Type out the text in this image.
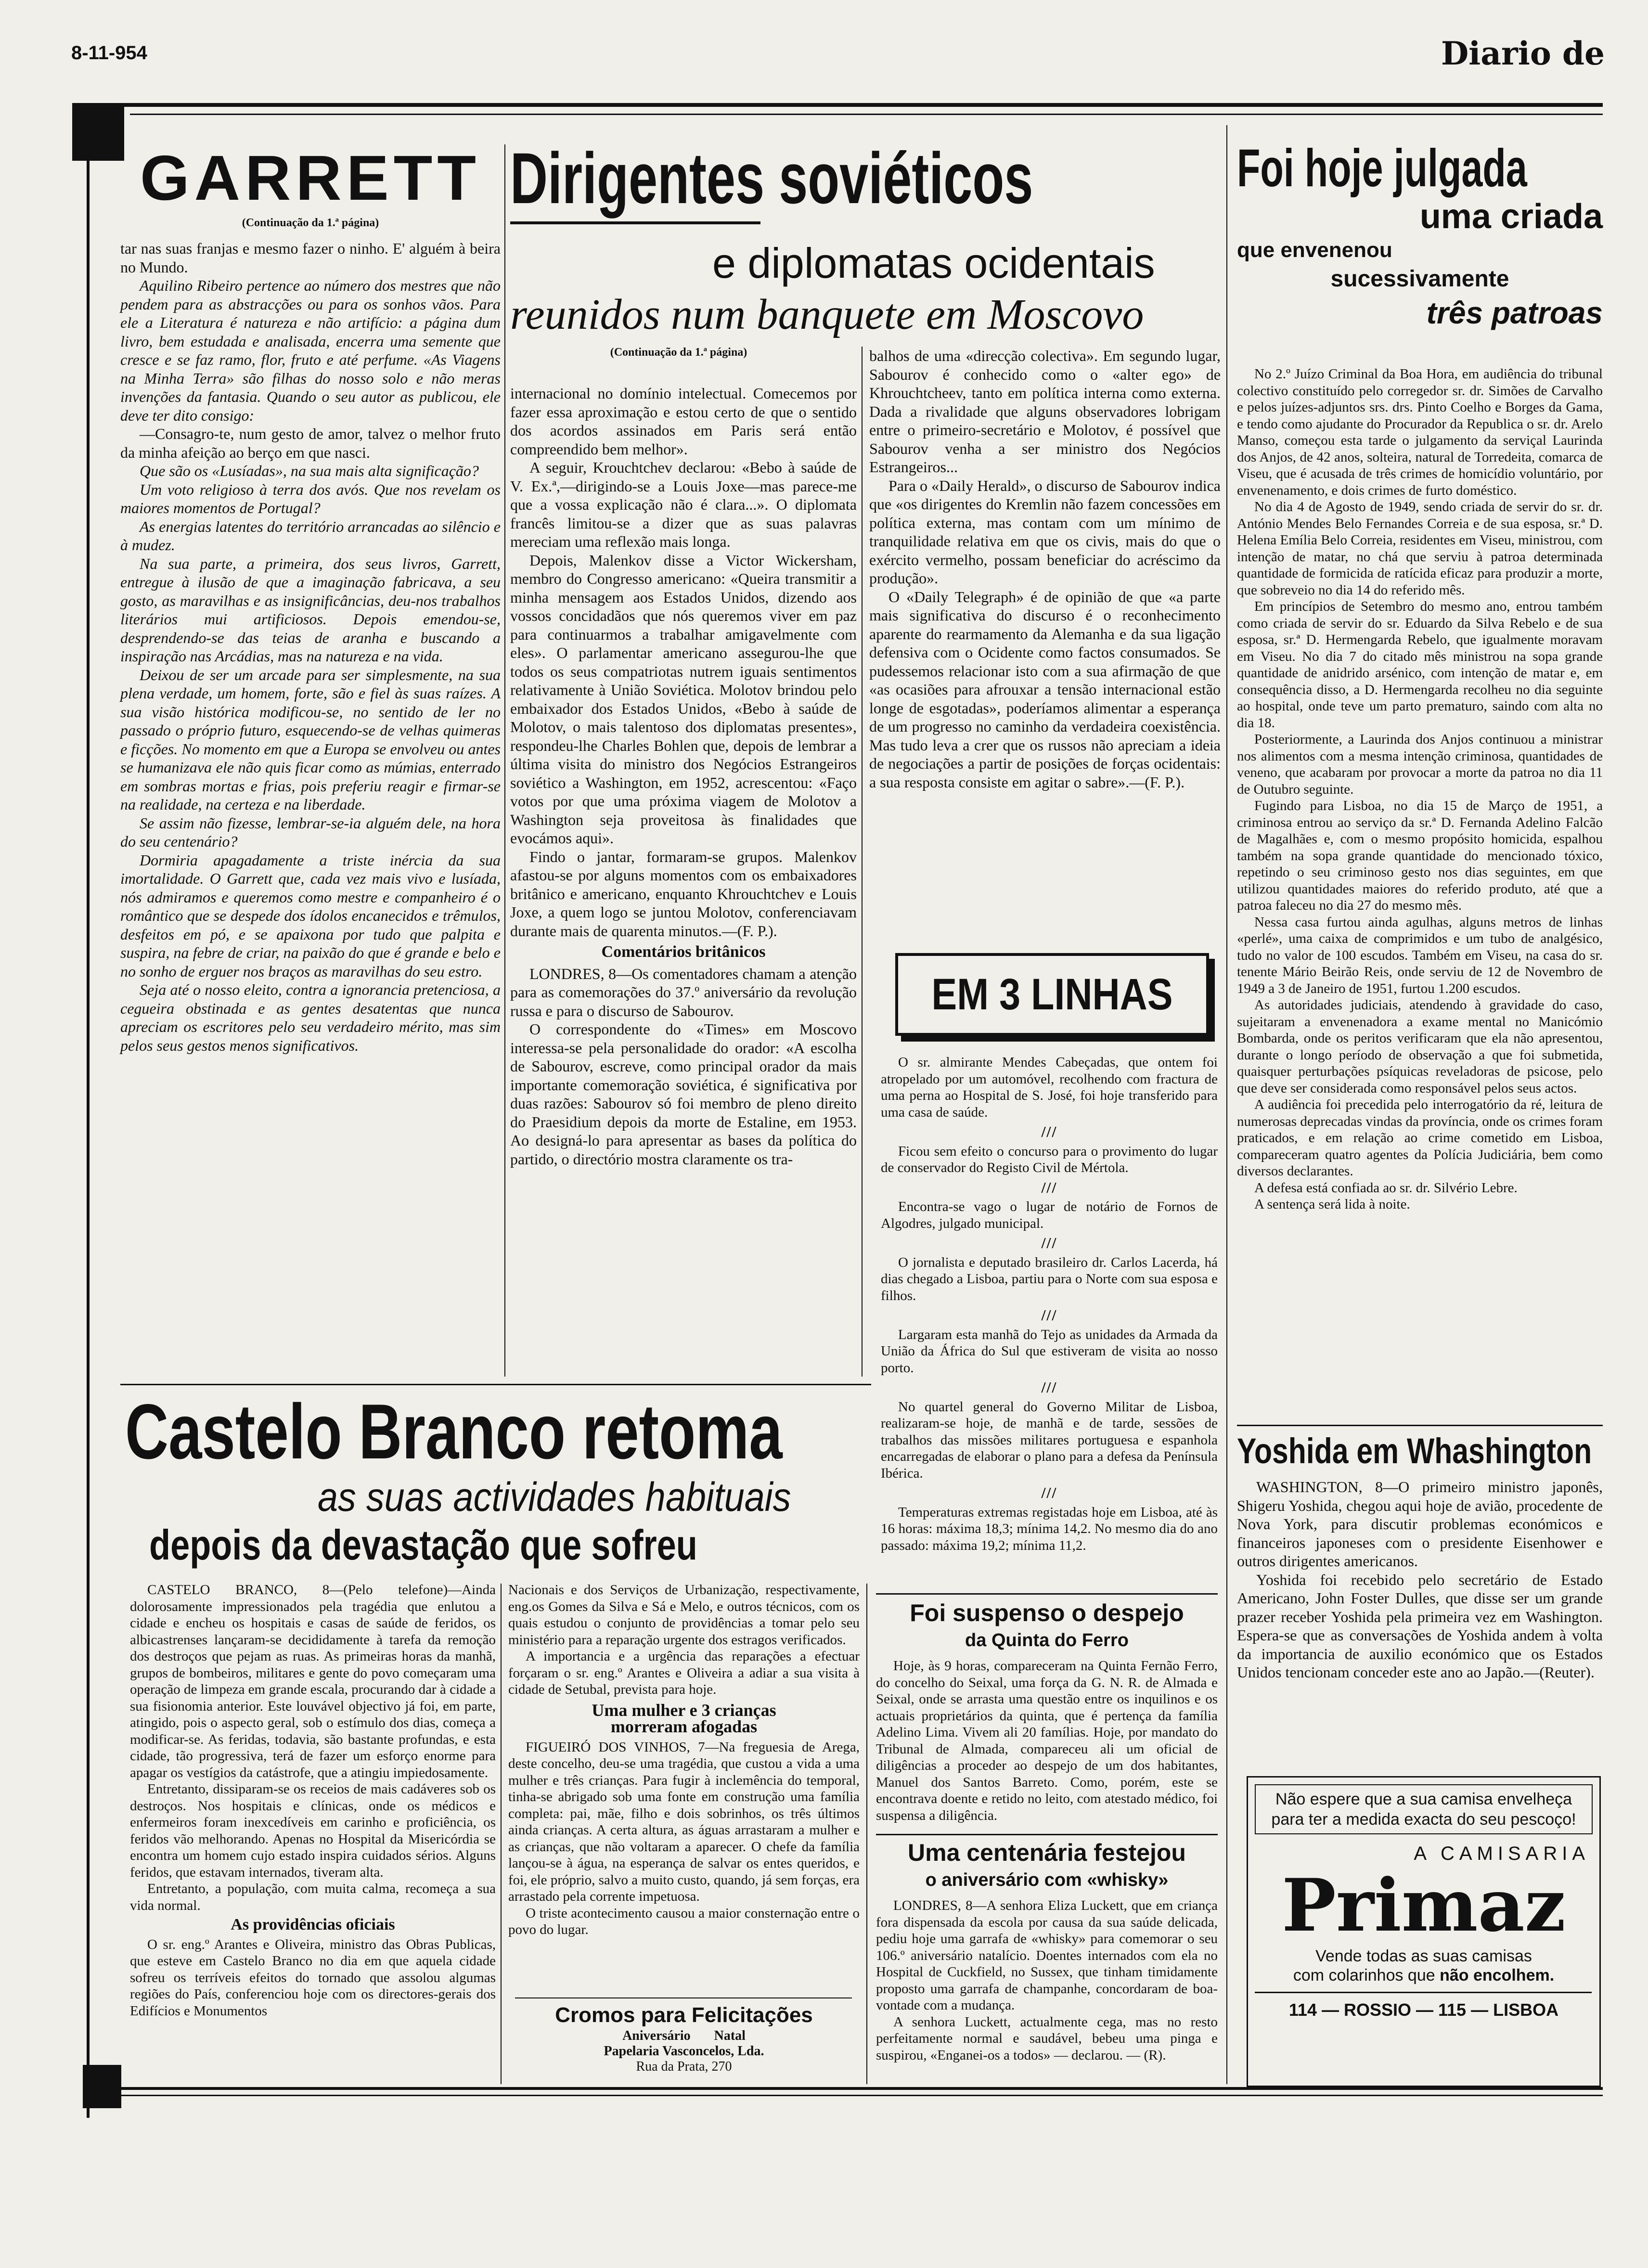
8-11-954	Diario de
GARRETT
(Continuação da 1.ª página)

tar nas suas franjas e mesmo fazer o ninho. E' alguém à beira no Mundo.

Aquilino Ribeiro pertence ao número dos mestres que não pendem para as abstracções ou para os sonhos vãos. Para ele a Literatura é natureza e não artifício: a página dum livro, bem estudada e analisada, encerra uma semente que cresce e se faz ramo, flor, fruto e até perfume. «As Viagens na Minha Terra» são filhas do nosso solo e não meras invenções da fantasia. Quando o seu autor as publicou, ele deve ter dito consigo:

—Consagro-te, num gesto de amor, talvez o melhor fruto da minha afeição ao berço em que nasci.

Que são os «Lusíadas», na sua mais alta significação?

Um voto religioso à terra dos avós. Que nos revelam os maiores momentos de Portugal?

As energias latentes do território arrancadas ao silêncio e à mudez.

Na sua parte, a primeira, dos seus livros, Garrett, entregue à ilusão de que a imaginação fabricava, a seu gosto, as maravilhas e as insignificâncias, deu-nos trabalhos literários mui artificiosos. Depois emendou-se, desprendendo-se das teias de aranha e buscando a inspiração nas Arcádias, mas na natureza e na vida.

Deixou de ser um arcade para ser simplesmente, na sua plena verdade, um homem, forte, são e fiel às suas raízes. A sua visão histórica modificou-se, no sentido de ler no passado o próprio futuro, esquecendo-se de velhas quimeras e ficções. No momento em que a Europa se envolveu ou antes se humanizava ele não quis ficar como as múmias, enterrado em sombras mortas e frias, pois preferiu reagir e firmar-se na realidade, na certeza e na liberdade.

Se assim não fizesse, lembrar-se-ia alguém dele, na hora do seu centenário?

Dormiria apagadamente a triste inércia da sua imortalidade. O Garrett que, cada vez mais vivo e lusíada, nós admiramos e queremos como mestre e companheiro é o romântico que se despede dos ídolos encanecidos e trêmulos, desfeitos em pó, e se apaixona por tudo que palpita e suspira, na febre de criar, na paixão do que é grande e belo e no sonho de erguer nos braços as maravilhas do seu estro.

Seja até o nosso eleito, contra a ignorancia pretenciosa, a cegueira obstinada e as gentes desatentas que nunca apreciam os escritores pelo seu verdadeiro mérito, mas sim pelos seus gestos menos significativos.

Dirigentes soviéticos
e diplomatas ocidentais
reunidos num banquete em Moscovo
(Continuação da 1.ª página)

internacional no domínio intelectual. Comecemos por fazer essa aproximação e estou certo de que o sentido dos acordos assinados em Paris será então compreendido bem melhor».

A seguir, Krouchtchev declarou: «Bebo à saúde de V. Ex.ª,—dirigindo-se a Louis Joxe—mas parece-me que a vossa explicação não é clara...». O diplomata francês limitou-se a dizer que as suas palavras mereciam uma reflexão mais longa.

Depois, Malenkov disse a Victor Wickersham, membro do Congresso americano: «Queira transmitir a minha mensagem aos Estados Unidos, dizendo aos vossos concidadãos que nós queremos viver em paz para continuarmos a trabalhar amigavelmente com eles». O parlamentar americano assegurou-lhe que todos os seus compatriotas nutrem iguais sentimentos relativamente à União Soviética. Molotov brindou pelo embaixador dos Estados Unidos, «Bebo à saúde de Molotov, o mais talentoso dos diplomatas presentes», respondeu-lhe Charles Bohlen que, depois de lembrar a última visita do ministro dos Negócios Estrangeiros soviético a Washington, em 1952, acrescentou: «Faço votos por que uma próxima viagem de Molotov a Washington seja proveitosa às finalidades que evocámos aqui».

Findo o jantar, formaram-se grupos. Malenkov afastou-se por alguns momentos com os embaixadores britânico e americano, enquanto Khrouchtchev e Louis Joxe, a quem logo se juntou Molotov, conferenciavam durante mais de quarenta minutos.—(F. P.).

Comentários britânicos

LONDRES, 8—Os comentadores chamam a atenção para as comemorações do 37.º aniversário da revolução russa e para o discurso de Sabourov.

O correspondente do «Times» em Moscovo interessa-se pela personalidade do orador: «A escolha de Sabourov, escreve, como principal orador da mais importante comemoração soviética, é significativa por duas razões: Sabourov só foi membro de pleno direito do Praesidium depois da morte de Estaline, em 1953. Ao designá-lo para apresentar as bases da política do partido, o directório mostra claramente os tra-

balhos de uma «direcção colectiva». Em segundo lugar, Sabourov é conhecido como o «alter ego» de Khrouchtcheev, tanto em política interna como externa. Dada a rivalidade que alguns observadores lobrigam entre o primeiro-secretário e Molotov, é possível que Sabourov venha a ser ministro dos Negócios Estrangeiros...

Para o «Daily Herald», o discurso de Sabourov indica que «os dirigentes do Kremlin não fazem concessões em política externa, mas contam com um mínimo de tranquilidade relativa em que os civis, mais do que o exército vermelho, possam beneficiar do acréscimo da produção».

O «Daily Telegraph» é de opinião de que «a parte mais significativa do discurso é o reconhecimento aparente do rearmamento da Alemanha e da sua ligação defensiva com o Ocidente como factos consumados. Se pudessemos relacionar isto com a sua afirmação de que «as ocasiões para afrouxar a tensão internacional estão longe de esgotadas», poderíamos alimentar a esperança de um progresso no caminho da verdadeira coexistência. Mas tudo leva a crer que os russos não apreciam a ideia de negociações a partir de posições de forças ocidentais: a sua resposta consiste em agitar o sabre».—(F. P.).

EM 3 LINHAS

O sr. almirante Mendes Cabeçadas, que ontem foi atropelado por um automóvel, recolhendo com fractura de uma perna ao Hospital de S. José, foi hoje transferido para uma casa de saúde.

///

Ficou sem efeito o concurso para o provimento do lugar de conservador do Registo Civil de Mértola.

///

Encontra-se vago o lugar de notário de Fornos de Algodres, julgado municipal.

///

O jornalista e deputado brasileiro dr. Carlos Lacerda, há dias chegado a Lisboa, partiu para o Norte com sua esposa e filhos.

///

Largaram esta manhã do Tejo as unidades da Armada da União da África do Sul que estiveram de visita ao nosso porto.

///

No quartel general do Governo Militar de Lisboa, realizaram-se hoje, de manhã e de tarde, sessões de trabalhos das missões militares portuguesa e espanhola encarregadas de elaborar o plano para a defesa da Península Ibérica.

///

Temperaturas extremas registadas hoje em Lisboa, até às 16 horas: máxima 18,3; mínima 14,2. No mesmo dia do ano passado: máxima 19,2; mínima 11,2.

Foi hoje julgada
uma criada
que envenenou
sucessivamente
três patroas

No 2.º Juízo Criminal da Boa Hora, em audiência do tribunal colectivo constituído pelo corregedor sr. dr. Simões de Carvalho e pelos juízes-adjuntos srs. drs. Pinto Coelho e Borges da Gama, e tendo como ajudante do Procurador da Republica o sr. dr. Arelo Manso, começou esta tarde o julgamento da serviçal Laurinda dos Anjos, de 42 anos, solteira, natural de Torredeita, comarca de Viseu, que é acusada de três crimes de homicídio voluntário, por envenenamento, e dois crimes de furto doméstico.

No dia 4 de Agosto de 1949, sendo criada de servir do sr. dr. António Mendes Belo Fernandes Correia e de sua esposa, sr.ª D. Helena Emília Belo Correia, residentes em Viseu, ministrou, com intenção de matar, no chá que serviu à patroa determinada quantidade de formicida de ratícida eficaz para produzir a morte, que sobreveio no dia 14 do referido mês.

Em princípios de Setembro do mesmo ano, entrou também como criada de servir do sr. Eduardo da Silva Rebelo e de sua esposa, sr.ª D. Hermengarda Rebelo, que igualmente moravam em Viseu. No dia 7 do citado mês ministrou na sopa grande quantidade de anidrido arsénico, com intenção de matar e, em consequência disso, a D. Hermengarda recolheu no dia seguinte ao hospital, onde teve um parto prematuro, saindo com alta no dia 18.

Posteriormente, a Laurinda dos Anjos continuou a ministrar nos alimentos com a mesma intenção criminosa, quantidades de veneno, que acabaram por provocar a morte da patroa no dia 11 de Outubro seguinte.

Fugindo para Lisboa, no dia 15 de Março de 1951, a criminosa entrou ao serviço da sr.ª D. Fernanda Adelino Falcão de Magalhães e, com o mesmo propósito homicida, espalhou também na sopa grande quantidade do mencionado tóxico, repetindo o seu criminoso gesto nos dias seguintes, em que utilizou quantidades maiores do referido produto, até que a patroa faleceu no dia 27 do mesmo mês.

Nessa casa furtou ainda agulhas, alguns metros de linhas «perlé», uma caixa de comprimidos e um tubo de analgésico, tudo no valor de 100 escudos. Também em Viseu, na casa do sr. tenente Mário Beirão Reis, onde serviu de 12 de Novembro de 1949 a 3 de Janeiro de 1951, furtou 1.200 escudos.

As autoridades judiciais, atendendo à gravidade do caso, sujeitaram a envenenadora a exame mental no Manicómio Bombarda, onde os peritos verificaram que ela não apresentou, durante o longo período de observação a que foi submetida, quaisquer perturbações psíquicas reveladoras de psicose, pelo que deve ser considerada como responsável pelos seus actos.

A audiência foi precedida pelo interrogatório da ré, leitura de numerosas deprecadas vindas da província, onde os crimes foram praticados, e em relação ao crime cometido em Lisboa, compareceram quatro agentes da Polícia Judiciária, bem como diversos declarantes.

A defesa está confiada ao sr. dr. Silvério Lebre.

A sentença será lida à noite.

Yoshida em Whashington

WASHINGTON, 8—O primeiro ministro japonês, Shigeru Yoshida, chegou aqui hoje de avião, procedente de Nova York, para discutir problemas económicos e financeiros japoneses com o presidente Eisenhower e outros dirigentes americanos.

Yoshida foi recebido pelo secretário de Estado Americano, John Foster Dulles, que disse ser um grande prazer receber Yoshida pela primeira vez em Washington. Espera-se que as conversações de Yoshida andem à volta da importancia de auxilio económico que os Estados Unidos tencionam conceder este ano ao Japão.—(Reuter).

Não espere que a sua camisa envelheça para ter a medida exacta do seu pescoço!
A CAMISARIA
Primaz
Vende todas as suas camisas
com colarinhos que não encolhem.
114 — ROSSIO — 115 — LISBOA
Castelo Branco retoma
as suas actividades habituais
depois da devastação que sofreu

CASTELO BRANCO, 8—(Pelo telefone)—Ainda dolorosamente impressionados pela tragédia que enlutou a cidade e encheu os hospitais e casas de saúde de feridos, os albicastrenses lançaram-se decididamente à tarefa da remoção dos destroços que pejam as ruas. As primeiras horas da manhã, grupos de bombeiros, militares e gente do povo começaram uma operação de limpeza em grande escala, procurando dar à cidade a sua fisionomia anterior. Este louvável objectivo já foi, em parte, atingido, pois o aspecto geral, sob o estímulo dos dias, começa a modificar-se. As feridas, todavia, são bastante profundas, e esta cidade, tão progressiva, terá de fazer um esforço enorme para apagar os vestígios da catástrofe, que a atingiu impiedosamente.

Entretanto, dissiparam-se os receios de mais cadáveres sob os destroços. Nos hospitais e clínicas, onde os médicos e enfermeiros foram inexcedíveis em carinho e proficiência, os feridos vão melhorando. Apenas no Hospital da Misericórdia se encontra um homem cujo estado inspira cuidados sérios. Alguns feridos, que estavam internados, tiveram alta.

Entretanto, a população, com muita calma, recomeça a sua vida normal.

As providências oficiais

O sr. eng.º Arantes e Oliveira, ministro das Obras Publicas, que esteve em Castelo Branco no dia em que aquela cidade sofreu os terríveis efeitos do tornado que assolou algumas regiões do País, conferenciou hoje com os directores-gerais dos Edifícios e Monumentos

Nacionais e dos Serviços de Urbanização, respectivamente, eng.os Gomes da Silva e Sá e Melo, e outros técnicos, com os quais estudou o conjunto de providências a tomar pelo seu ministério para a reparação urgente dos estragos verificados.

A importancia e a urgência das reparações a efectuar forçaram o sr. eng.º Arantes e Oliveira a adiar a sua visita à cidade de Setubal, prevista para hoje.

Uma mulher e 3 crianças
morreram afogadas

FIGUEIRÓ DOS VINHOS, 7—Na freguesia de Arega, deste concelho, deu-se uma tragédia, que custou a vida a uma mulher e três crianças. Para fugir à inclemência do temporal, tinha-se abrigado sob uma fonte em construção uma família completa: pai, mãe, filho e dois sobrinhos, os três últimos ainda crianças. A certa altura, as águas arrastaram a mulher e as crianças, que não voltaram a aparecer. O chefe da família lançou-se à água, na esperança de salvar os entes queridos, e foi, ele próprio, salvo a muito custo, quando, já sem forças, era arrastado pela corrente impetuosa.

O triste acontecimento causou a maior consternação entre o povo do lugar.

Cromos para Felicitações
Aniversário       Natal
Papelaria Vasconcelos, Lda.
Rua da Prata, 270
Foi suspenso o despejo
da Quinta do Ferro

Hoje, às 9 horas, compareceram na Quinta Fernão Ferro, do concelho do Seixal, uma força da G. N. R. de Almada e Seixal, onde se arrasta uma questão entre os inquilinos e os actuais proprietários da quinta, que é pertença da família Adelino Lima. Vivem ali 20 famílias. Hoje, por mandato do Tribunal de Almada, compareceu ali um oficial de diligências a proceder ao despejo de um dos habitantes, Manuel dos Santos Barreto. Como, porém, este se encontrava doente e retido no leito, com atestado médico, foi suspensa a diligência.

Uma centenária festejou
o aniversário com «whisky»

LONDRES, 8—A senhora Eliza Luckett, que em criança fora dispensada da escola por causa da sua saúde delicada, pediu hoje uma garrafa de «whisky» para comemorar o seu 106.º aniversário natalício. Doentes internados com ela no Hospital de Cuckfield, no Sussex, que tinham timidamente proposto uma garrafa de champanhe, concordaram de boa-vontade com a mudança.

A senhora Luckett, actualmente cega, mas no resto perfeitamente normal e saudável, bebeu uma pinga e suspirou, «Enganei-os a todos» — declarou. — (R).
